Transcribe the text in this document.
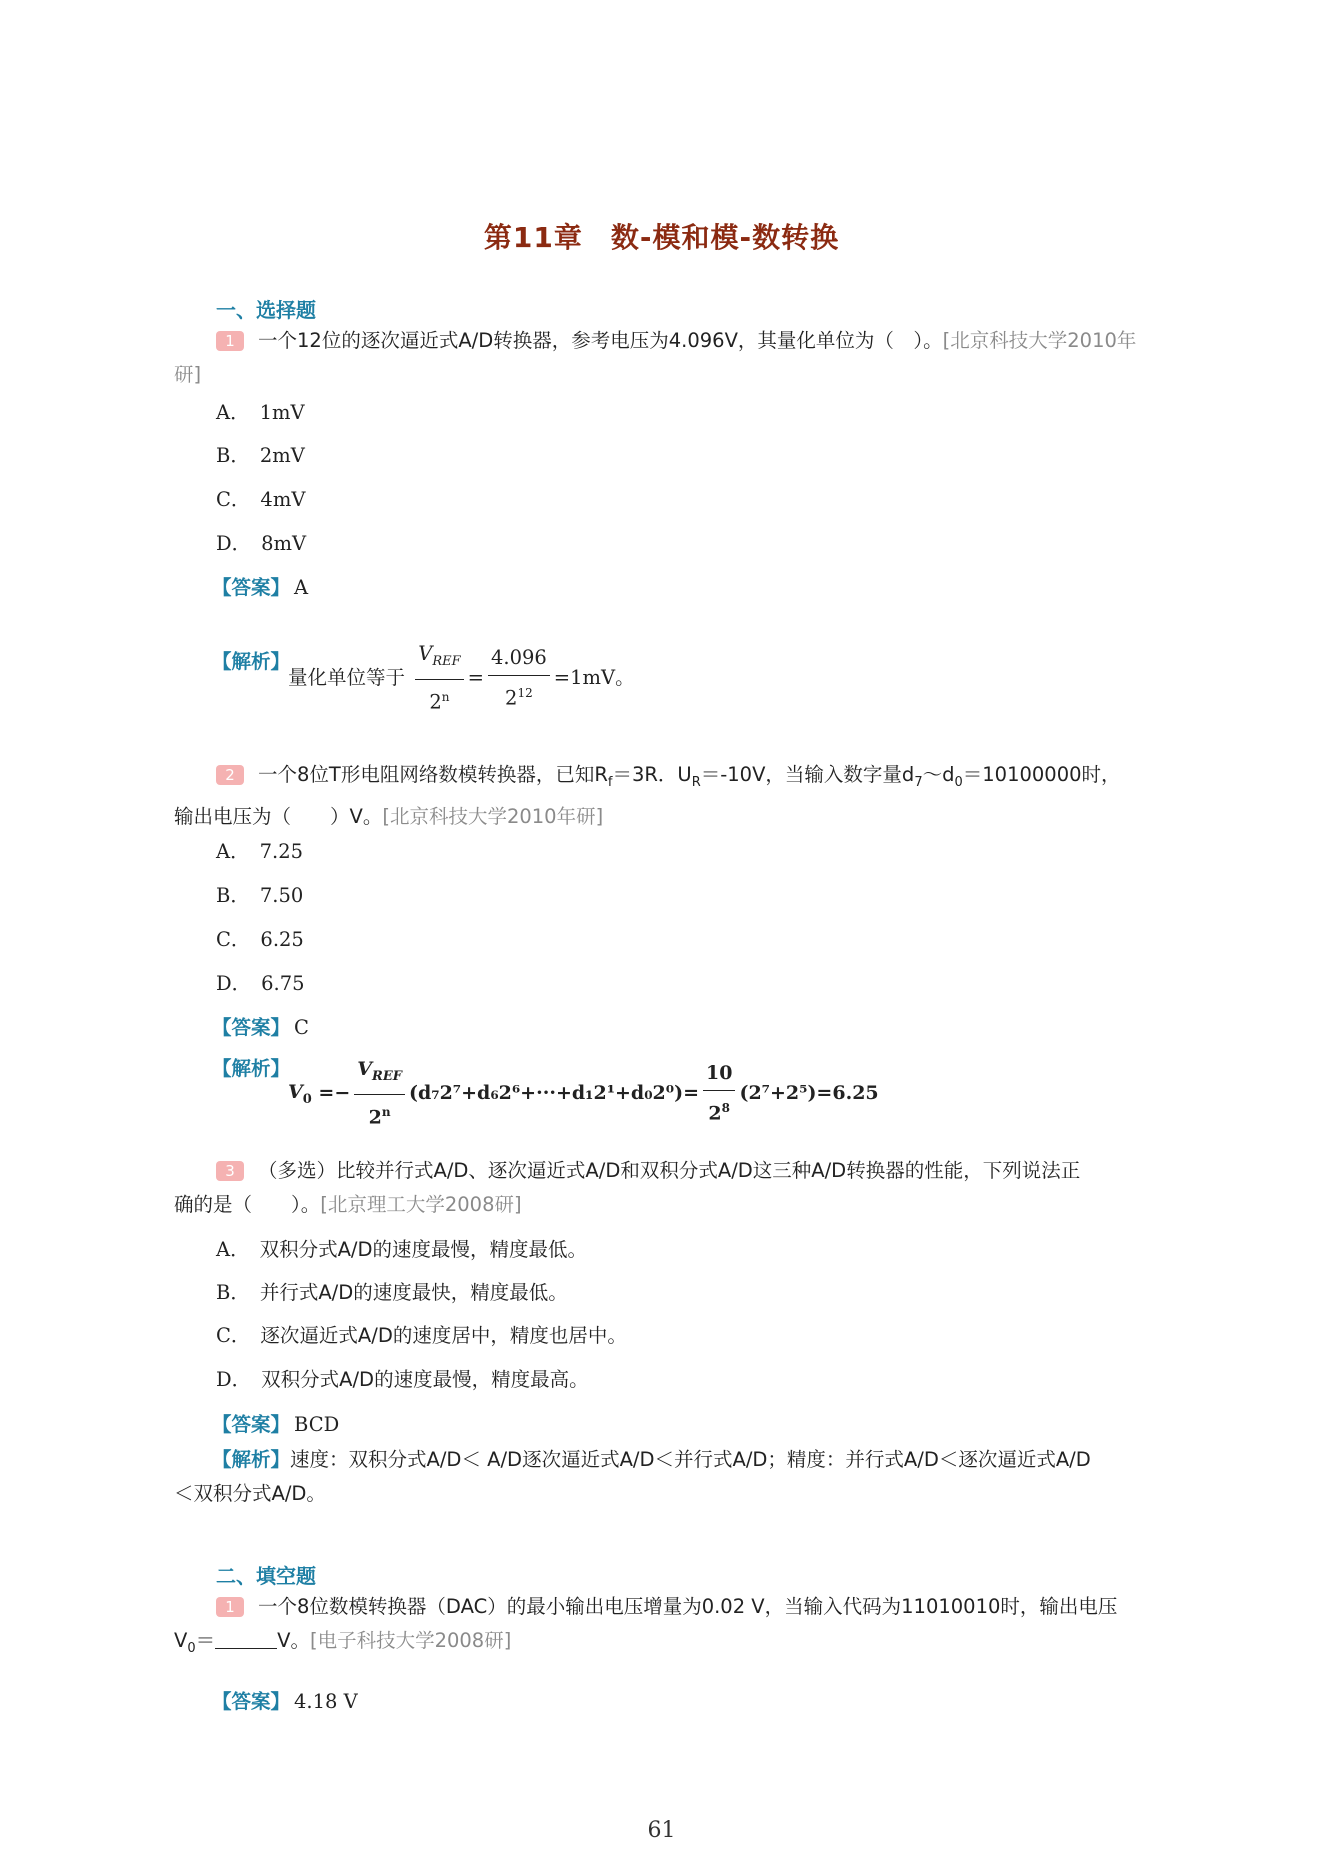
第11章 数-模和模-数转换
一、选择题
1 一个12位的逐次逼近式A/D转换器，参考电压为4.096V，其量化单位为（　）。[北京科技大学2010年研]
A． 1mV
B． 2mV
C． 4mV
D． 8mV
【答案】 A
【解析】
量化单位等于 $\frac{V_{REF}}{2^n} = \frac{4.096}{2^{12}} =1mV$。
2 一个8位T形电阻网络数模转换器，已知$R_f=3R$．$U_R=-10V$，当输入数字量$d_7\sim d_0=10100000$时，
输出电压为（　　）V。[北京科技大学2010年研]
A． 7.25
B． 7.50
C． 6.25
D． 6.75
【答案】 C
【解析】
$V_0 =- \frac{V_{REF}}{2^n} (d_72^7+d_62^6+\cdot\cdot\cdot+d_12^1+d_02^0)= \frac{10}{2^8} (2^7+2^5)=6.25$
3 （多选）比较并行式A/D、逐次逼近式A/D和双积分式A/D这三种A/D转换器的性能，下列说法正
确的是（　　）。[北京理工大学2008研]
A． 双积分式A/D的速度最慢，精度最低。
B． 并行式A/D的速度最快，精度最低。
C． 逐次逼近式A/D的速度居中，精度也居中。
D． 双积分式A/D的速度最慢，精度最高。
【答案】 BCD
【解析】速度：双积分式A/D＜ A/D逐次逼近式A/D＜并行式A/D；精度：并行式A/D＜逐次逼近式A/D
＜双积分式A/D。
二、填空题
1 一个8位数模转换器（DAC）的最小输出电压增量为0.02 V，当输入代码为11010010时，输出电压
$V_0=$	V。[电子科技大学2008研]
【答案】 4.18 V
61
